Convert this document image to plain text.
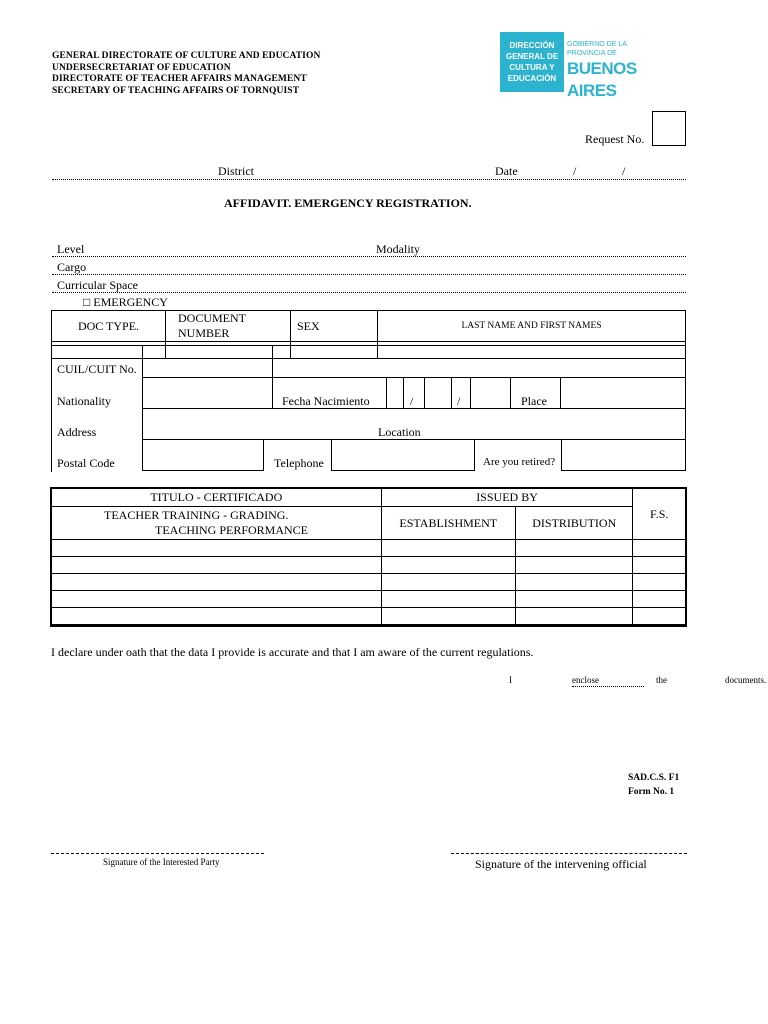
GENERAL DIRECTORATE OF CULTURE AND EDUCATION
UNDERSECRETARIAT OF EDUCATION
DIRECTORATE OF TEACHER AFFAIRS MANAGEMENT
SECRETARY OF TEACHING AFFAIRS OF TORNQUIST
DIRECCIÓN GENERAL DE CULTURA Y EDUCACIÓN
GOBIERNO DE LA PROVINCIA DE
BUENOS AIRES
Request No.
District	Date	/	/
AFFIDAVIT. EMERGENCY REGISTRATION.
Level	Modality
Cargo
Curricular Space
□ EMERGENCY
DOC TYPE.	DOCUMENT NUMBER	SEX	LAST NAME AND FIRST NAMES

CUIL/CUIT No.
Nationality	Fecha Nacimiento	/	/	Place
Address	Location
Postal Code	Telephone	Are you retired?
TITULO - CERTIFICADO	ISSUED BY		F.S.

TEACHER TRAINING - GRADING.
TEACHING PERFORMANCE	ESTABLISHMENT	DISTRIBUTION	

I declare under oath that the data I provide is accurate and that I am aware of the current regulations.
I	enclose	the	documents.
SAD.C.S. F1
Form No. 1
Signature of the Interested Party	Signature of the intervening official
